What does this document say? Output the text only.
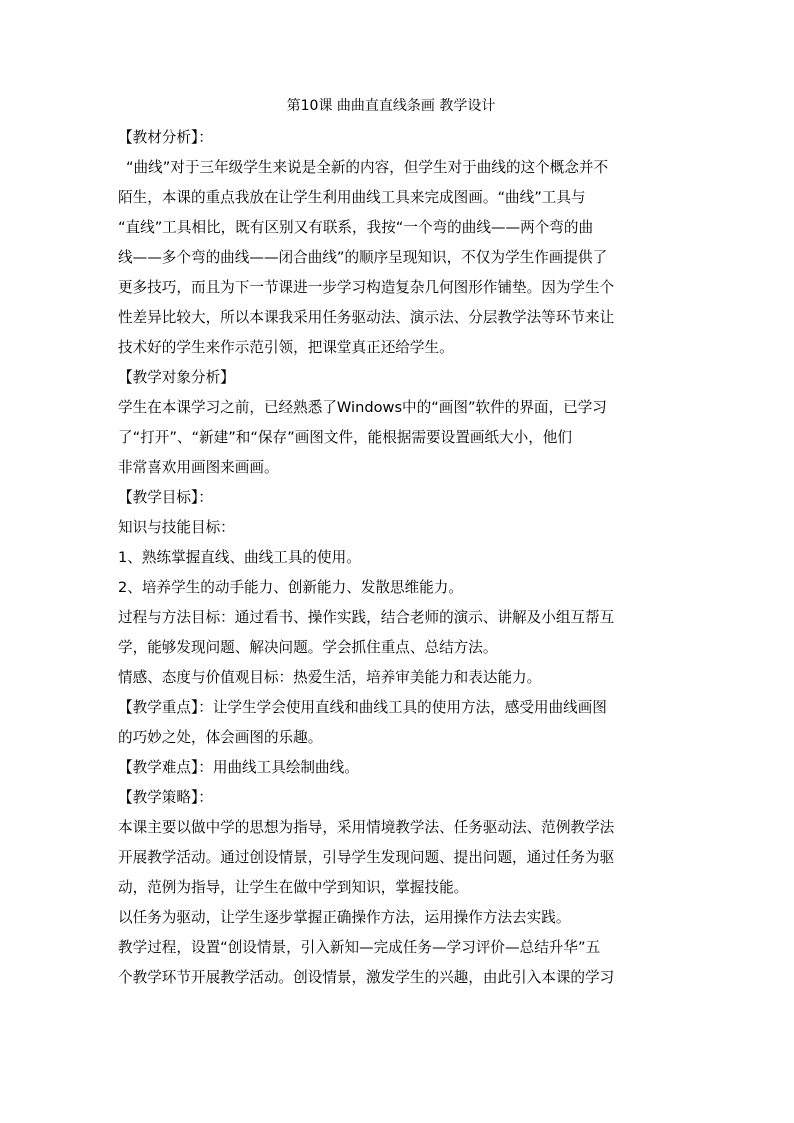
第10课 曲曲直直线条画 教学设计

【教材分析】：

“曲线”对于三年级学生来说是全新的内容，但学生对于曲线的这个概念并不

陌生，本课的重点我放在让学生利用曲线工具来完成图画。“曲线”工具与

“直线”工具相比，既有区别又有联系，我按“一个弯的曲线——两个弯的曲

线——多个弯的曲线——闭合曲线”的顺序呈现知识，不仅为学生作画提供了

更多技巧，而且为下一节课进一步学习构造复杂几何图形作铺垫。因为学生个

性差异比较大，所以本课我采用任务驱动法、演示法、分层教学法等环节来让

技术好的学生来作示范引领，把课堂真正还给学生。

【教学对象分析】

学生在本课学习之前，已经熟悉了Windows中的“画图”软件的界面，已学习

了“打开”、“新建”和“保存”画图文件，能根据需要设置画纸大小，他们

非常喜欢用画图来画画。

【教学目标】：

知识与技能目标：

1、熟练掌握直线、曲线工具的使用。

2、培养学生的动手能力、创新能力、发散思维能力。

过程与方法目标：通过看书、操作实践，结合老师的演示、讲解及小组互帮互

学，能够发现问题、解决问题。学会抓住重点、总结方法。

情感、态度与价值观目标：热爱生活，培养审美能力和表达能力。

【教学重点】：让学生学会使用直线和曲线工具的使用方法，感受用曲线画图

的巧妙之处，体会画图的乐趣。

【教学难点】：用曲线工具绘制曲线。

【教学策略】：

本课主要以做中学的思想为指导，采用情境教学法、任务驱动法、范例教学法

开展教学活动。通过创设情景，引导学生发现问题、提出问题，通过任务为驱

动，范例为指导，让学生在做中学到知识，掌握技能。

以任务为驱动，让学生逐步掌握正确操作方法，运用操作方法去实践。

教学过程，设置“创设情景，引入新知—完成任务—学习评价—总结升华”五

个教学环节开展教学活动。创设情景，激发学生的兴趣，由此引入本课的学习
